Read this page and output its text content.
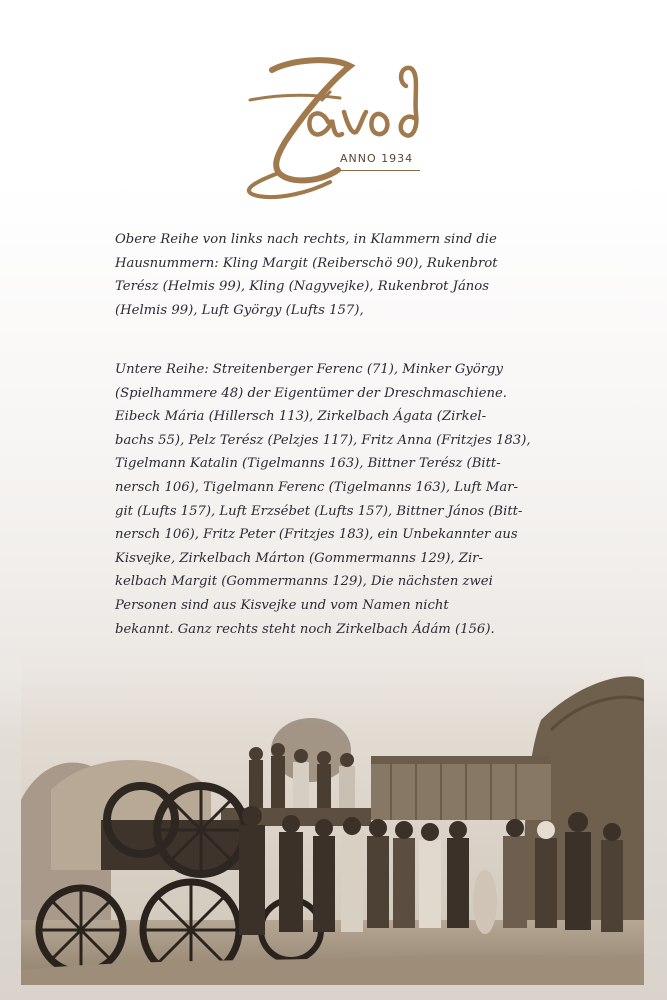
ANNO 1934
Obere Reihe von links nach rechts, in Klammern sind die
Hausnummern: Kling Margit (Reiberschö 90), Rukenbrot
Terész (Helmis 99), Kling (Nagyvejke), Rukenbrot János
(Helmis 99), Luft György (Lufts 157),
Untere Reihe: Streitenberger Ferenc (71), Minker György
(Spielhammere 48) der Eigentümer der Dreschmaschiene.
Eibeck Mária (Hillersch 113), Zirkelbach Ágata (Zirkel-
bachs 55), Pelz Terész (Pelzjes 117), Fritz Anna (Fritzjes 183),
Tigelmann Katalin (Tigelmanns 163), Bittner Terész (Bitt-
nersch 106), Tigelmann Ferenc (Tigelmanns 163), Luft Mar-
git (Lufts 157), Luft Erzsébet (Lufts 157), Bittner János (Bitt-
nersch 106), Fritz Peter (Fritzjes 183), ein Unbekannter aus
Kisvejke, Zirkelbach Márton (Gommermanns 129), Zir-
kelbach Margit (Gommermanns 129), Die nächsten zwei
Personen sind aus Kisvejke und vom Namen nicht
bekannt. Ganz rechts steht noch Zirkelbach Ádám (156).
